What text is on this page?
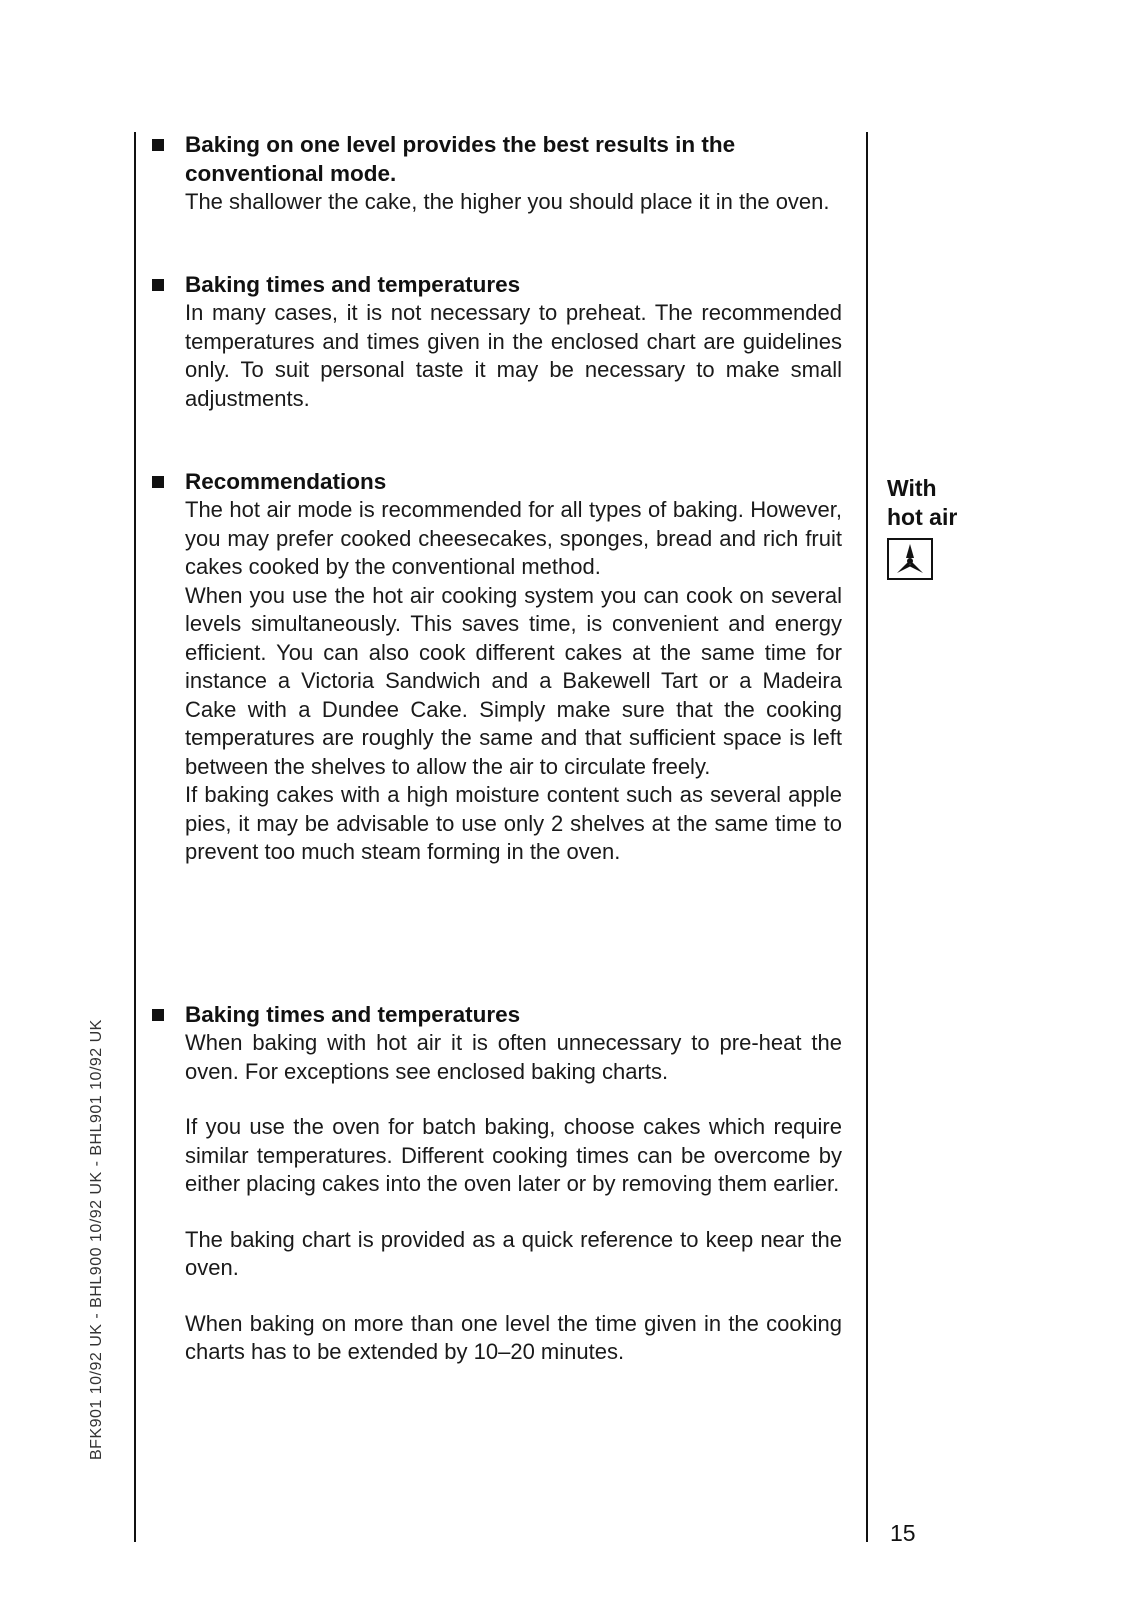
Baking on one level provides the best results in the conventional mode.

The shallower the cake, the higher you should place it in the oven.

Baking times and temperatures

In many cases, it is not necessary to preheat. The recommended temperatures and times given in the enclosed chart are guidelines only. To suit personal taste it may be necessary to make small adjustments.

Recommendations

The hot air mode is recommended for all types of baking. However, you may prefer cooked cheesecakes, sponges, bread and rich fruit cakes cooked by the conventional method.

When you use the hot air cooking system you can cook on several levels simultaneously. This saves time, is convenient and energy efficient. You can also cook different cakes at the same time for instance a Victoria Sandwich and a Bakewell Tart or a Madeira Cake with a Dundee Cake. Simply make sure that the cooking temperatures are roughly the same and that sufficient space is left between the shelves to allow the air to circulate freely.

If baking cakes with a high moisture content such as several apple pies, it may be advisable to use only 2 shelves at the same time to prevent too much steam forming in the oven.

Baking times and temperatures

When baking with hot air it is often unnecessary to pre-heat the oven. For exceptions see enclosed baking charts.

If you use the oven for batch baking, choose cakes which require similar temperatures. Different cooking times can be overcome by either placing cakes into the oven later or by removing them earlier.

The baking chart is provided as a quick reference to keep near the oven.

When baking on more than one level the time given in the cooking charts has to be extended by 10–20 minutes.

With
hot air
BFK901 10/92 UK - BHL900 10/92 UK - BHL901 10/92 UK
15
